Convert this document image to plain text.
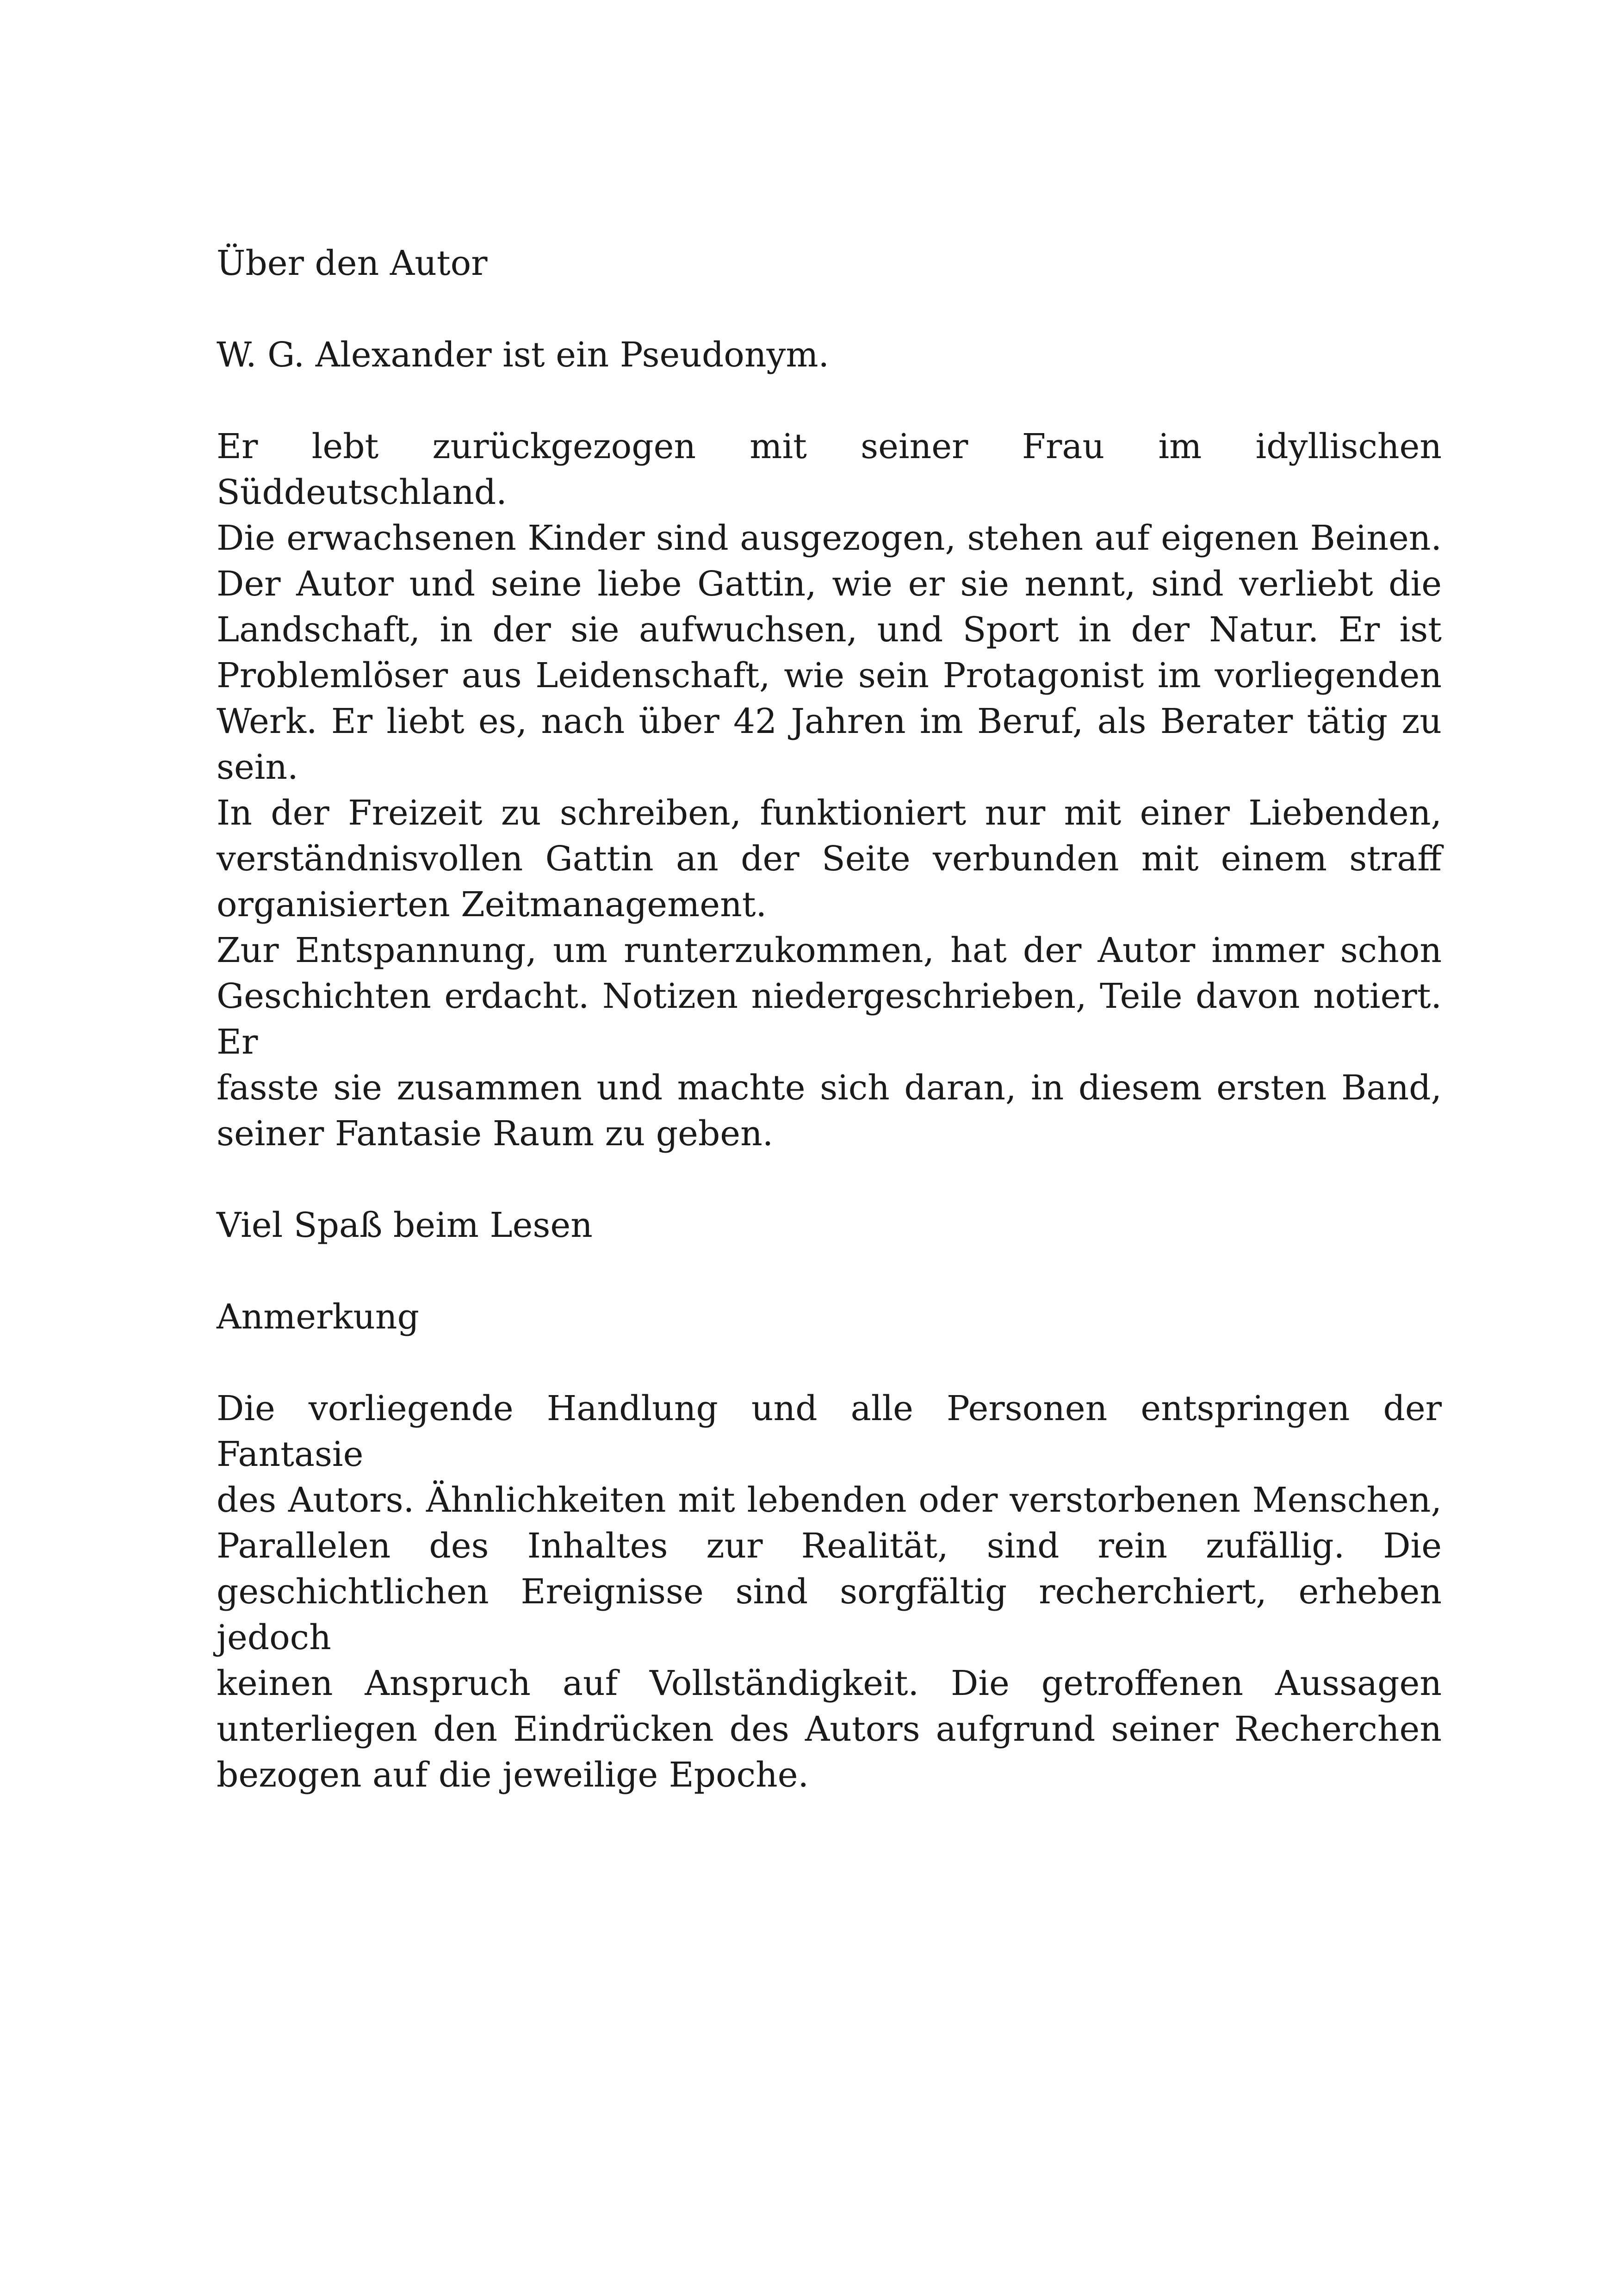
Über den Autor

W. G. Alexander ist ein Pseudonym.

Er lebt zurückgezogen mit seiner Frau im idyllischen Süddeutschland.
Die erwachsenen Kinder sind ausgezogen, stehen auf eigenen Beinen.
Der Autor und seine liebe Gattin, wie er sie nennt, sind verliebt die
Landschaft, in der sie aufwuchsen, und Sport in der Natur. Er ist
Problemlöser aus Leidenschaft, wie sein Protagonist im vorliegenden
Werk. Er liebt es, nach über 42 Jahren im Beruf, als Berater tätig zu sein.
In der Freizeit zu schreiben, funktioniert nur mit einer Liebenden,
verständnisvollen Gattin an der Seite verbunden mit einem straff
organisierten Zeitmanagement.
Zur Entspannung, um runterzukommen, hat der Autor immer schon
Geschichten erdacht. Notizen niedergeschrieben, Teile davon notiert. Er
fasste sie zusammen und machte sich daran, in diesem ersten Band,
seiner Fantasie Raum zu geben.

Viel Spaß beim Lesen

Anmerkung

Die vorliegende Handlung und alle Personen entspringen der Fantasie
des Autors. Ähnlichkeiten mit lebenden oder verstorbenen Menschen,
Parallelen des Inhaltes zur Realität, sind rein zufällig. Die
geschichtlichen Ereignisse sind sorgfältig recherchiert, erheben jedoch
keinen Anspruch auf Vollständigkeit. Die getroffenen Aussagen
unterliegen den Eindrücken des Autors aufgrund seiner Recherchen
bezogen auf die jeweilige Epoche.
